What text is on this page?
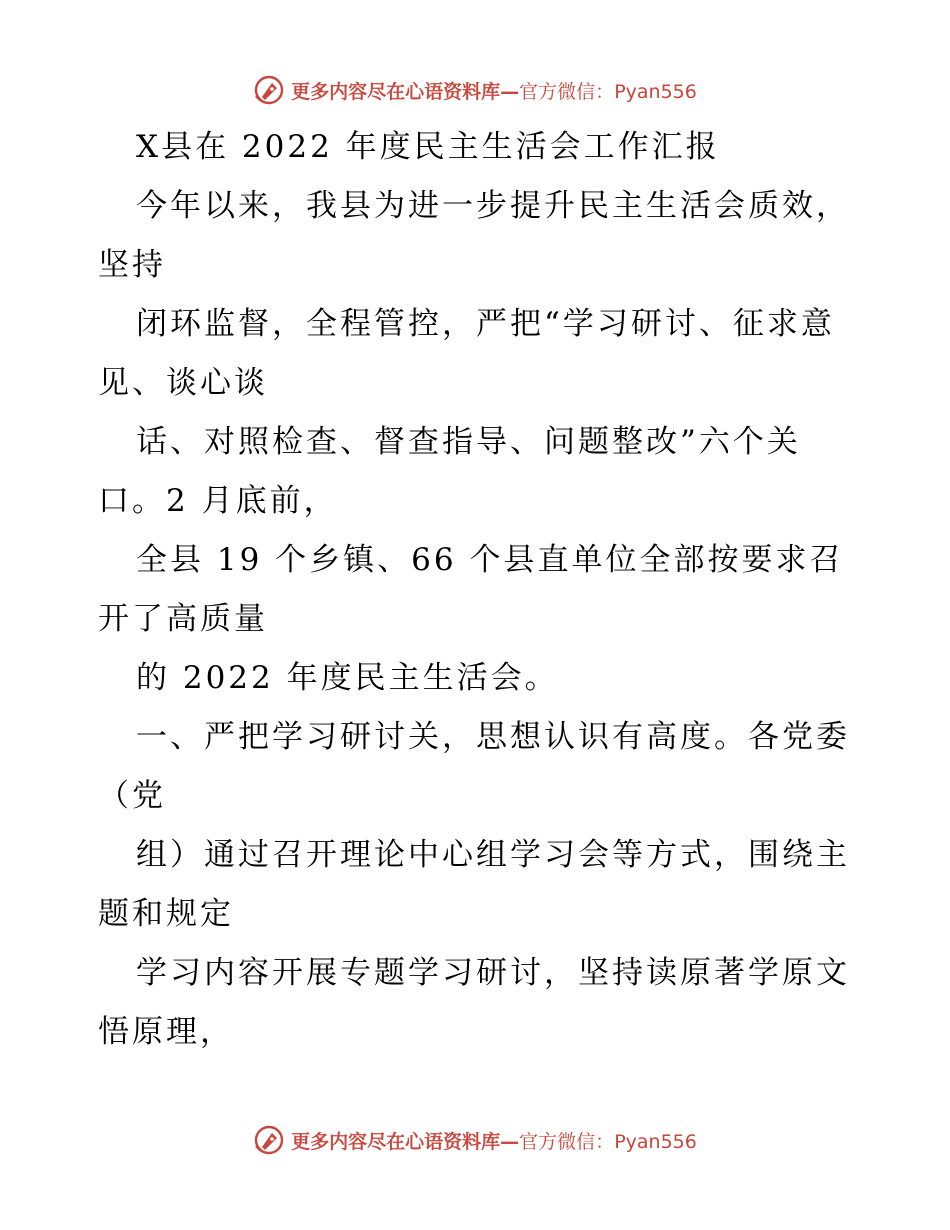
更多内容尽在心语资料库—官方微信：Pyan556
X县在 2022 年度民主生活会工作汇报
今年以来，我县为进一步提升民主生活会质效，
坚持
闭环监督，全程管控，严把“学习研讨、征求意
见、谈心谈
话、对照检查、督查指导、问题整改”六个关
口。2 月底前，
全县 19 个乡镇、66 个县直单位全部按要求召
开了高质量
的 2022 年度民主生活会。
一、严把学习研讨关，思想认识有高度。各党委
（党
组）通过召开理论中心组学习会等方式，围绕主
题和规定
学习内容开展专题学习研讨，坚持读原著学原文
悟原理，
更多内容尽在心语资料库—官方微信：Pyan556
